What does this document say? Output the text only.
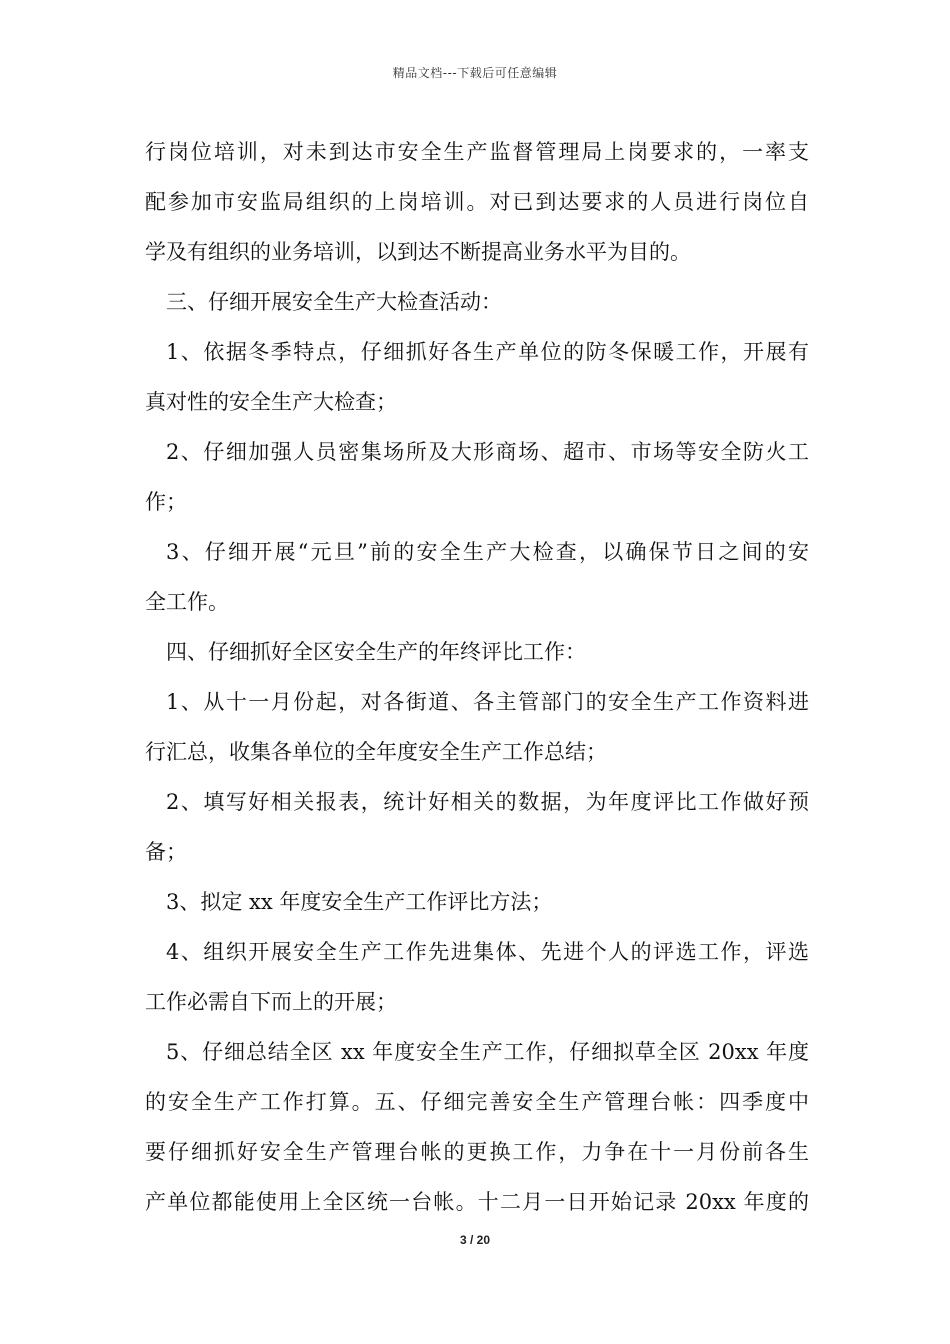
精品文档---下载后可任意编辑
行岗位培训，对未到达市安全生产监督管理局上岗要求的，一率支
配参加市安监局组织的上岗培训。对已到达要求的人员进行岗位自
学及有组织的业务培训，以到达不断提高业务水平为目的。
三、仔细开展安全生产大检查活动：
1、依据冬季特点，仔细抓好各生产单位的防冬保暖工作，开展有
真对性的安全生产大检查；
2、仔细加强人员密集场所及大形商场、超市、市场等安全防火工
作；
3、仔细开展“元旦”前的安全生产大检查，以确保节日之间的安
全工作。
四、仔细抓好全区安全生产的年终评比工作：
1、从十一月份起，对各街道、各主管部门的安全生产工作资料进
行汇总，收集各单位的全年度安全生产工作总结；
2、填写好相关报表，统计好相关的数据，为年度评比工作做好预
备；
3、拟定 xx 年度安全生产工作评比方法；
4、组织开展安全生产工作先进集体、先进个人的评选工作，评选
工作必需自下而上的开展；
5、仔细总结全区 xx 年度安全生产工作，仔细拟草全区 20xx 年度
的安全生产工作打算。五、仔细完善安全生产管理台帐：四季度中
要仔细抓好安全生产管理台帐的更换工作，力争在十一月份前各生
产单位都能使用上全区统一台帐。十二月一日开始记录 20xx 年度的
3 / 20
